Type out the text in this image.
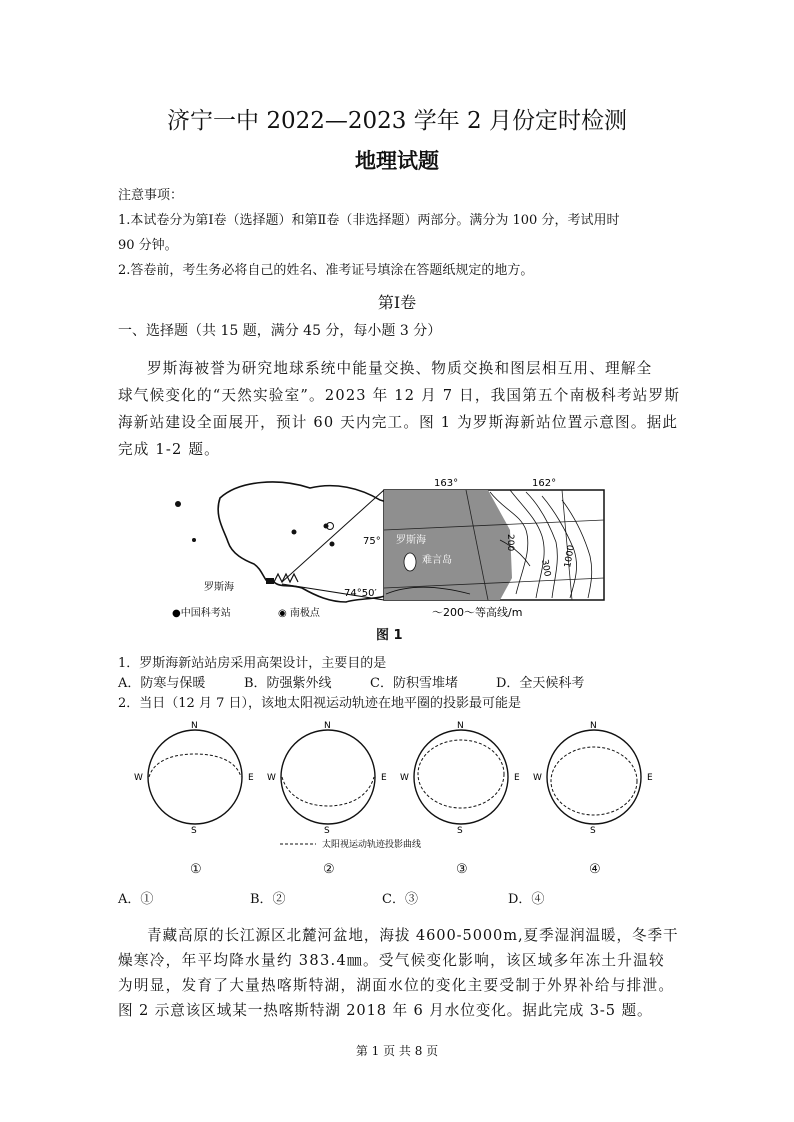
济宁一中 2022—2023 学年 2 月份定时检测
地理试题
注意事项：
1.本试卷分为第Ⅰ卷（选择题）和第Ⅱ卷（非选择题）两部分。满分为 100 分，考试用时
90 分钟。
2.答卷前，考生务必将自己的姓名、准考证号填涂在答题纸规定的地方。
第Ⅰ卷
一、选择题（共 15 题，满分 45 分，每小题 3 分）
罗斯海被誉为研究地球系统中能量交换、物质交换和图层相互用、理解全
球气候变化的“天然实验室”。2023 年 12 月 7 日，我国第五个南极科考站罗斯
海新站建设全面展开，预计 60 天内完工。图 1 为罗斯海新站位置示意图。据此
完成 1-2 题。
罗斯海
罗斯海
难言岛
163°	162°
75°
74°50′
200
300 1000
●中国科考站	◉ 南极点	〜200〜等高线/m
图 1
1．罗斯海新站站房采用高架设计，主要目的是
A．防寒与保暖	B．防强紫外线	C．防积雪堆堵	D．全天候科考
2．当日（12 月 7 日），该地太阳视运动轨迹在地平圈的投影最可能是
N
S
W	E
N
S
W	E
N
S
W	E
N
S
W	E
太阳视运动轨迹投影曲线
①	②	③	④
A．①	B．②	C．③	D．④
青藏高原的长江源区北麓河盆地，海拔 4600-5000m,夏季湿润温暖，冬季干
燥寒冷，年平均降水量约 383.4㎜。受气候变化影响，该区域多年冻土升温较
为明显，发育了大量热喀斯特湖，湖面水位的变化主要受制于外界补给与排泄。
图 2 示意该区域某一热喀斯特湖 2018 年 6 月水位变化。据此完成 3-5 题。
第 1 页 共 8 页
